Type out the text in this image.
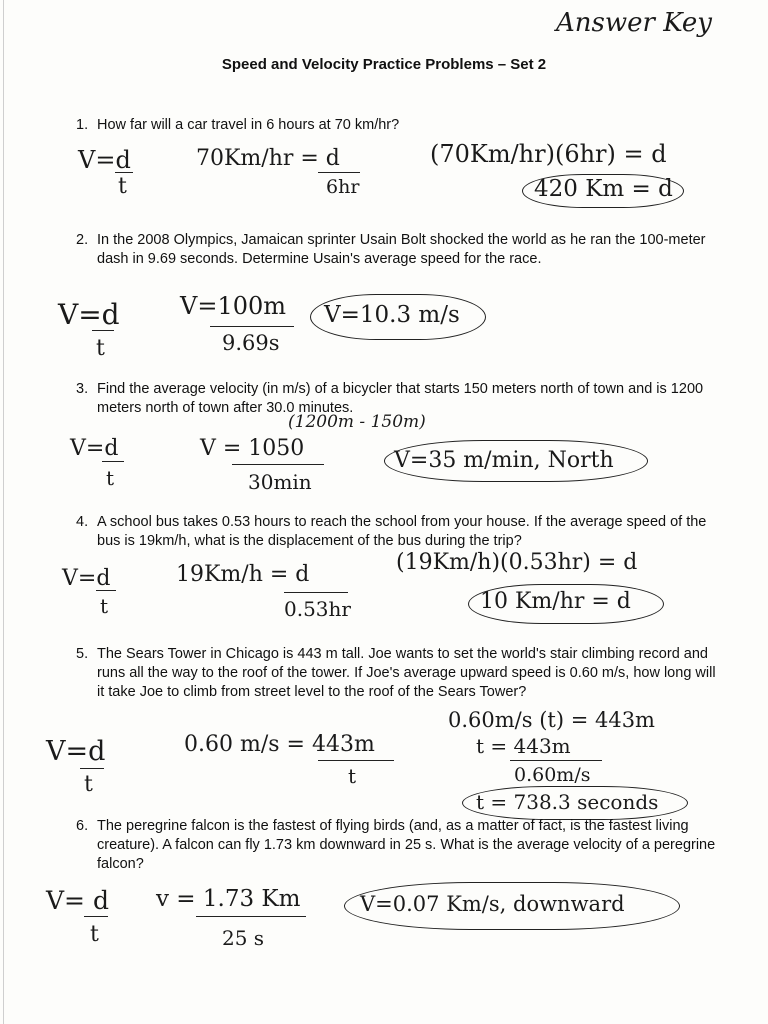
Answer Key
Speed and Velocity Practice Problems – Set 2
1. How far will a car travel in 6 hours at 70 km/hr?
V=d
t
70Km/hr = d
6hr
(70Km/hr)(6hr) = d
420 Km = d
2. In the 2008 Olympics, Jamaican sprinter Usain Bolt shocked the world as he ran the 100-meter dash in 9.69 seconds. Determine Usain's average speed for the race.
V=d
t
V=100m
9.69s
V=10.3 m/s
3. Find the average velocity (in m/s) of a bicycler that starts 150 meters north of town and is 1200 meters north of town after 30.0 minutes.
(1200m - 150m)
V=d
t
V = 1050
30min
V=35 m/min, North
4. A school bus takes 0.53 hours to reach the school from your house. If the average speed of the bus is 19km/h, what is the displacement of the bus during the trip?
V=d
t
19Km/h = d
0.53hr
(19Km/h)(0.53hr) = d
10 Km/hr = d
5. The Sears Tower in Chicago is 443 m tall. Joe wants to set the world's stair climbing record and runs all the way to the roof of the tower. If Joe's average upward speed is 0.60 m/s, how long will it take Joe to climb from street level to the roof of the Sears Tower?
0.60m/s (t) = 443m
V=d
t
0.60 m/s = 443m
t
t = 443m
0.60m/s
t = 738.3 seconds
6. The peregrine falcon is the fastest of flying birds (and, as a matter of fact, is the fastest living creature). A falcon can fly 1.73 km downward in 25 s. What is the average velocity of a peregrine falcon?
V= d
t
v = 1.73 Km
25 s
V=0.07 Km/s, downward
